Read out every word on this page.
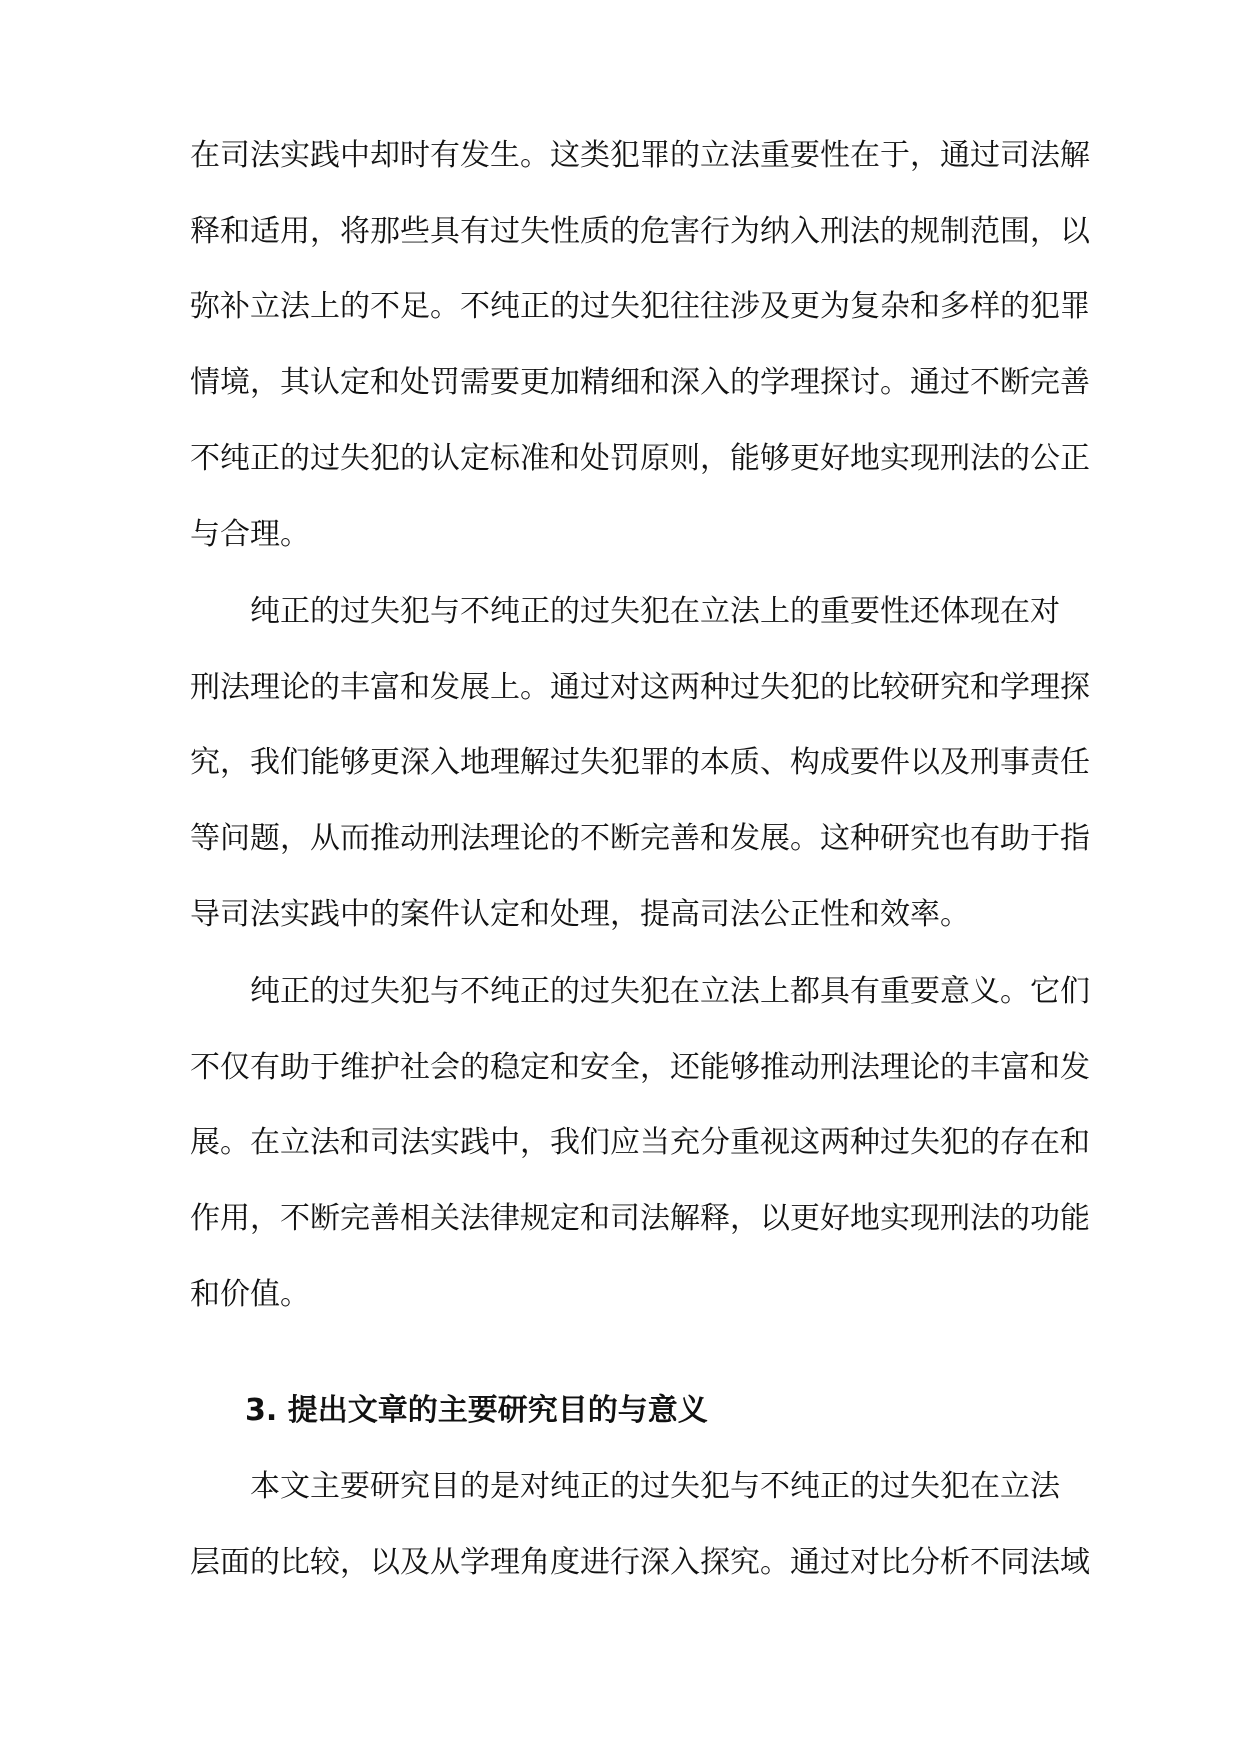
在司法实践中却时有发生。这类犯罪的立法重要性在于，通过司法解
释和适用，将那些具有过失性质的危害行为纳入刑法的规制范围，以
弥补立法上的不足。不纯正的过失犯往往涉及更为复杂和多样的犯罪
情境，其认定和处罚需要更加精细和深入的学理探讨。通过不断完善
不纯正的过失犯的认定标准和处罚原则，能够更好地实现刑法的公正
与合理。
纯正的过失犯与不纯正的过失犯在立法上的重要性还体现在对
刑法理论的丰富和发展上。通过对这两种过失犯的比较研究和学理探
究，我们能够更深入地理解过失犯罪的本质、构成要件以及刑事责任
等问题，从而推动刑法理论的不断完善和发展。这种研究也有助于指
导司法实践中的案件认定和处理，提高司法公正性和效率。
纯正的过失犯与不纯正的过失犯在立法上都具有重要意义。它们
不仅有助于维护社会的稳定和安全，还能够推动刑法理论的丰富和发
展。在立法和司法实践中，我们应当充分重视这两种过失犯的存在和
作用，不断完善相关法律规定和司法解释，以更好地实现刑法的功能
和价值。
3. 提出文章的主要研究目的与意义
本文主要研究目的是对纯正的过失犯与不纯正的过失犯在立法
层面的比较，以及从学理角度进行深入探究。通过对比分析不同法域
